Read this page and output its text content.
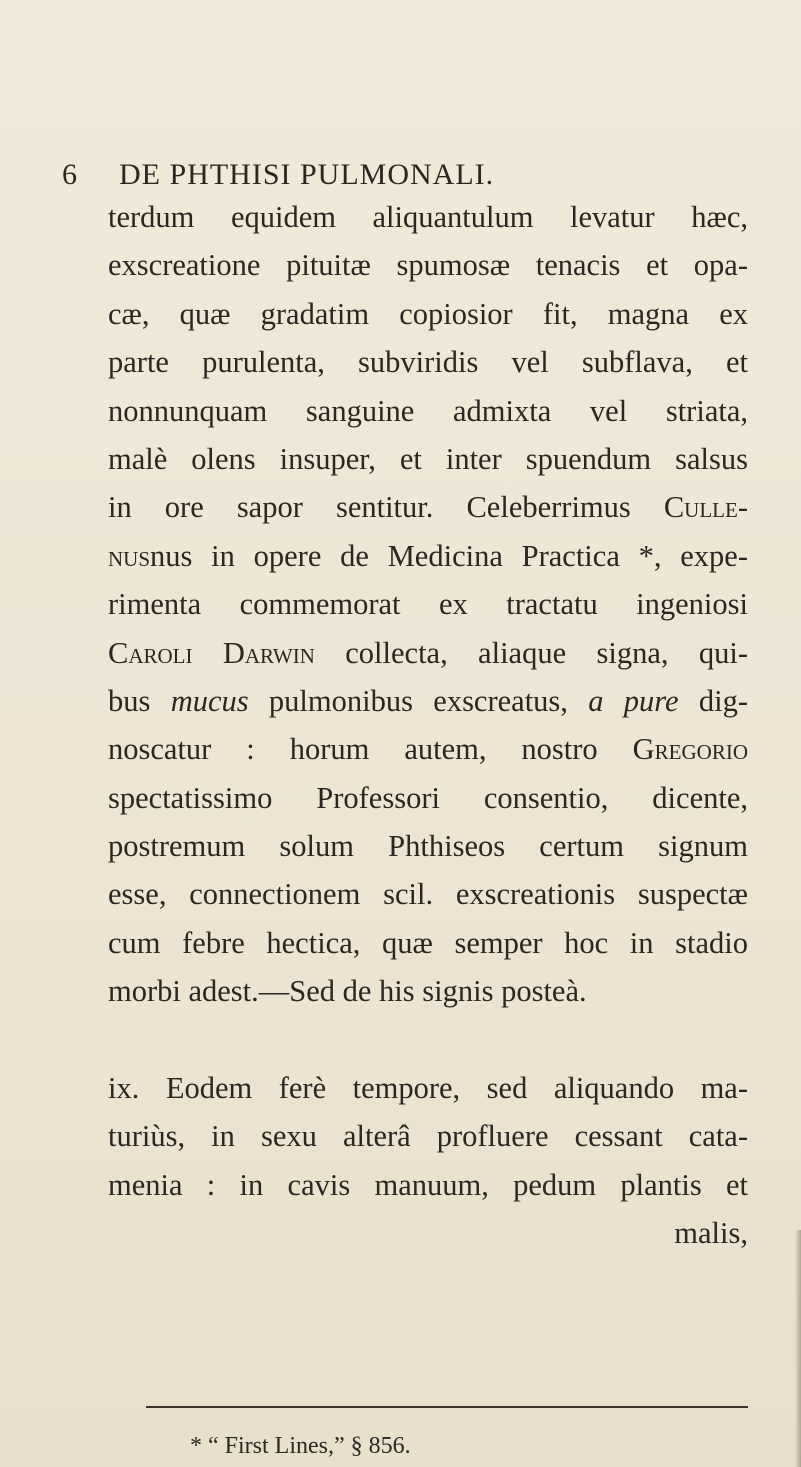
6 DE PHTHISI PULMONALI.
terdum equidem aliquantulum levatur hæc,
exscreatione pituitæ spumosæ tenacis et opa-
cæ, quæ gradatim copiosior fit, magna ex
parte purulenta, subviridis vel subflava, et
nonnunquam sanguine admixta vel striata,
malè olens insuper, et inter spuendum salsus
in ore sapor sentitur. Celeberrimus Culle-
nusnus in opere de Medicina Practica *, expe-
rimenta commemorat ex tractatu ingeniosi
Caroli Darwin collecta, aliaque signa, qui-
bus mucus pulmonibus exscreatus, a pure dig-
noscatur : horum autem, nostro Gregorio
spectatissimo Professori consentio, dicente,
postremum solum Phthiseos certum signum
esse, connectionem scil. exscreationis suspectæ
cum febre hectica, quæ semper hoc in stadio
morbi adest.—Sed de his signis posteà.
ix. Eodem ferè tempore, sed aliquando ma-
turiùs, in sexu alterâ profluere cessant cata-
menia : in cavis manuum, pedum plantis et
malis,
* “ First Lines,” § 856.
